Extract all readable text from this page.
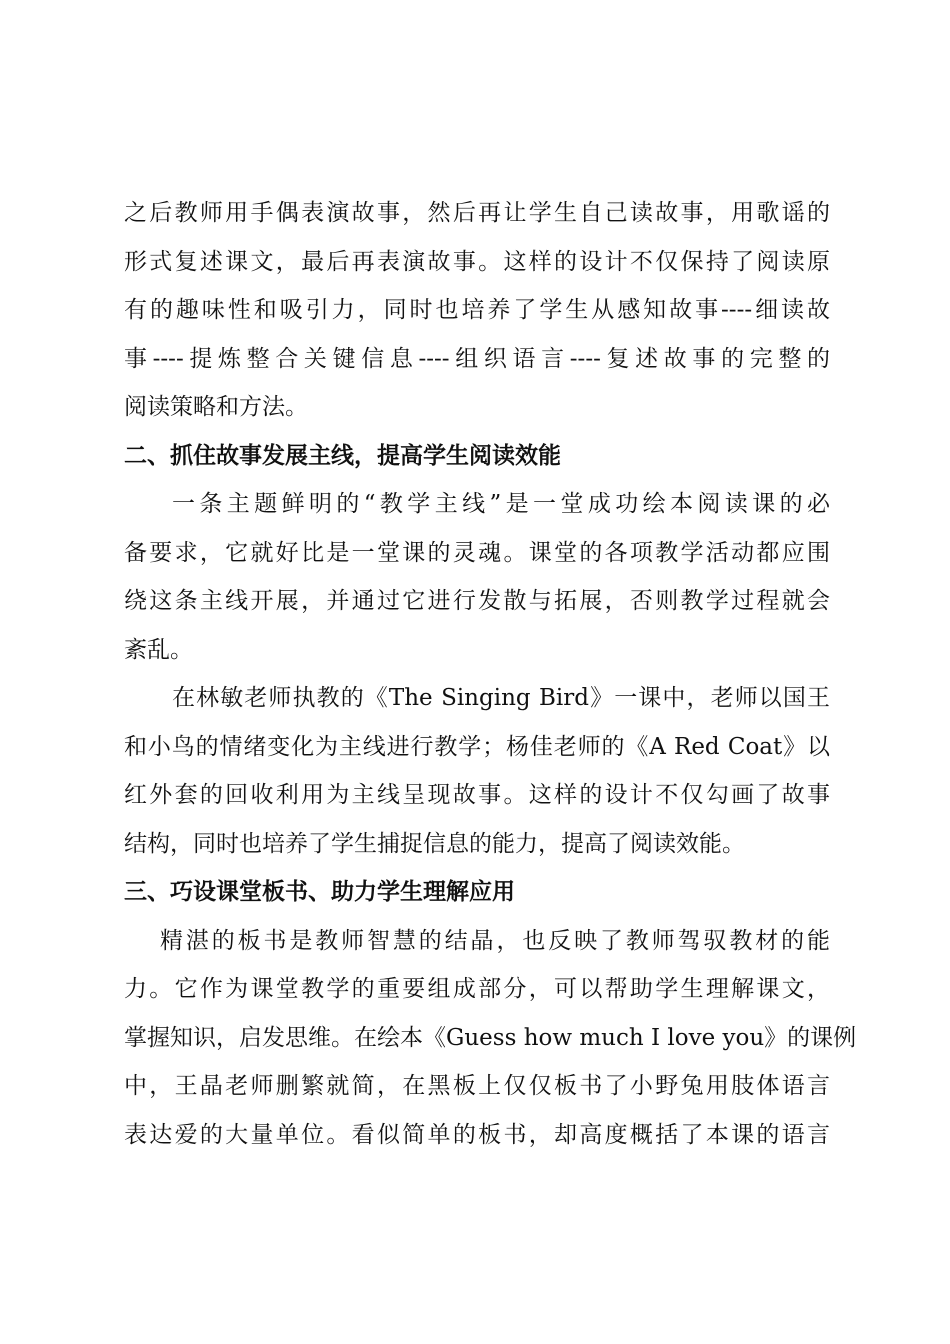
之后教师用手偶表演故事，然后再让学生自己读故事，用歌谣的
形式复述课文，最后再表演故事。这样的设计不仅保持了阅读原
有的趣味性和吸引力，同时也培养了学生从感知故事----细读故
事----提炼整合关键信息----组织语言----复述故事的完整的
阅读策略和方法。
二、抓住故事发展主线，提高学生阅读效能
一条主题鲜明的“教学主线”是一堂成功绘本阅读课的必
备要求，它就好比是一堂课的灵魂。课堂的各项教学活动都应围
绕这条主线开展，并通过它进行发散与拓展，否则教学过程就会
紊乱。
在林敏老师执教的《The Singing Bird》一课中，老师以国王
和小鸟的情绪变化为主线进行教学；杨佳老师的《A Red Coat》以
红外套的回收利用为主线呈现故事。这样的设计不仅勾画了故事
结构，同时也培养了学生捕捉信息的能力，提高了阅读效能。
三、巧设课堂板书、助力学生理解应用
精湛的板书是教师智慧的结晶，也反映了教师驾驭教材的能
力。它作为课堂教学的重要组成部分，可以帮助学生理解课文，
掌握知识，启发思维。在绘本《Guess how much I love you》的课例
中，王晶老师删繁就简，在黑板上仅仅板书了小野兔用肢体语言
表达爱的大量单位。看似简单的板书，却高度概括了本课的语言
